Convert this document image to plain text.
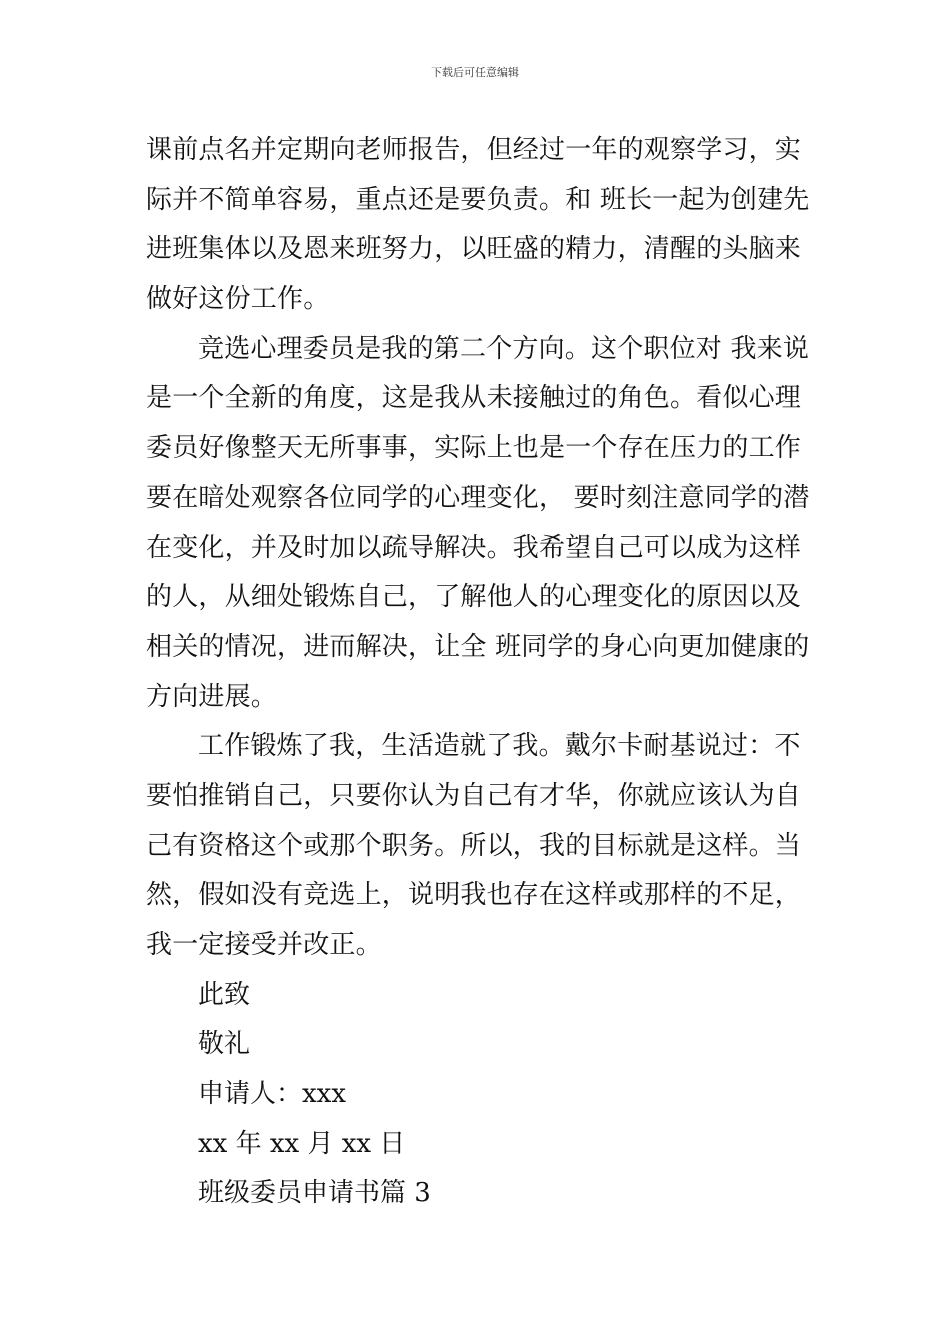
下载后可任意编辑
课前点名并定期向老师报告，但经过一年的观察学习，实
际并不简单容易，重点还是要负责。和 班长一起为创建先
进班集体以及恩来班努力，以旺盛的精力，清醒的头脑来
做好这份工作。
竞选心理委员是我的第二个方向。这个职位对 我来说
是一个全新的角度，这是我从未接触过的角色。看似心理
委员好像整天无所事事，实际上也是一个存在压力的工作
要在暗处观察各位同学的心理变化， 要时刻注意同学的潜
在变化，并及时加以疏导解决。我希望自己可以成为这样
的人，从细处锻炼自己，了解他人的心理变化的原因以及
相关的情况，进而解决，让全 班同学的身心向更加健康的
方向进展。
工作锻炼了我，生活造就了我。戴尔卡耐基说过：不
要怕推销自己，只要你认为自己有才华，你就应该认为自
己有资格这个或那个职务。所以，我的目标就是这样。当
然，假如没有竞选上，说明我也存在这样或那样的不足，
我一定接受并改正。
此致
敬礼
申请人：xxx
xx 年 xx 月 xx 日
班级委员申请书篇 3
